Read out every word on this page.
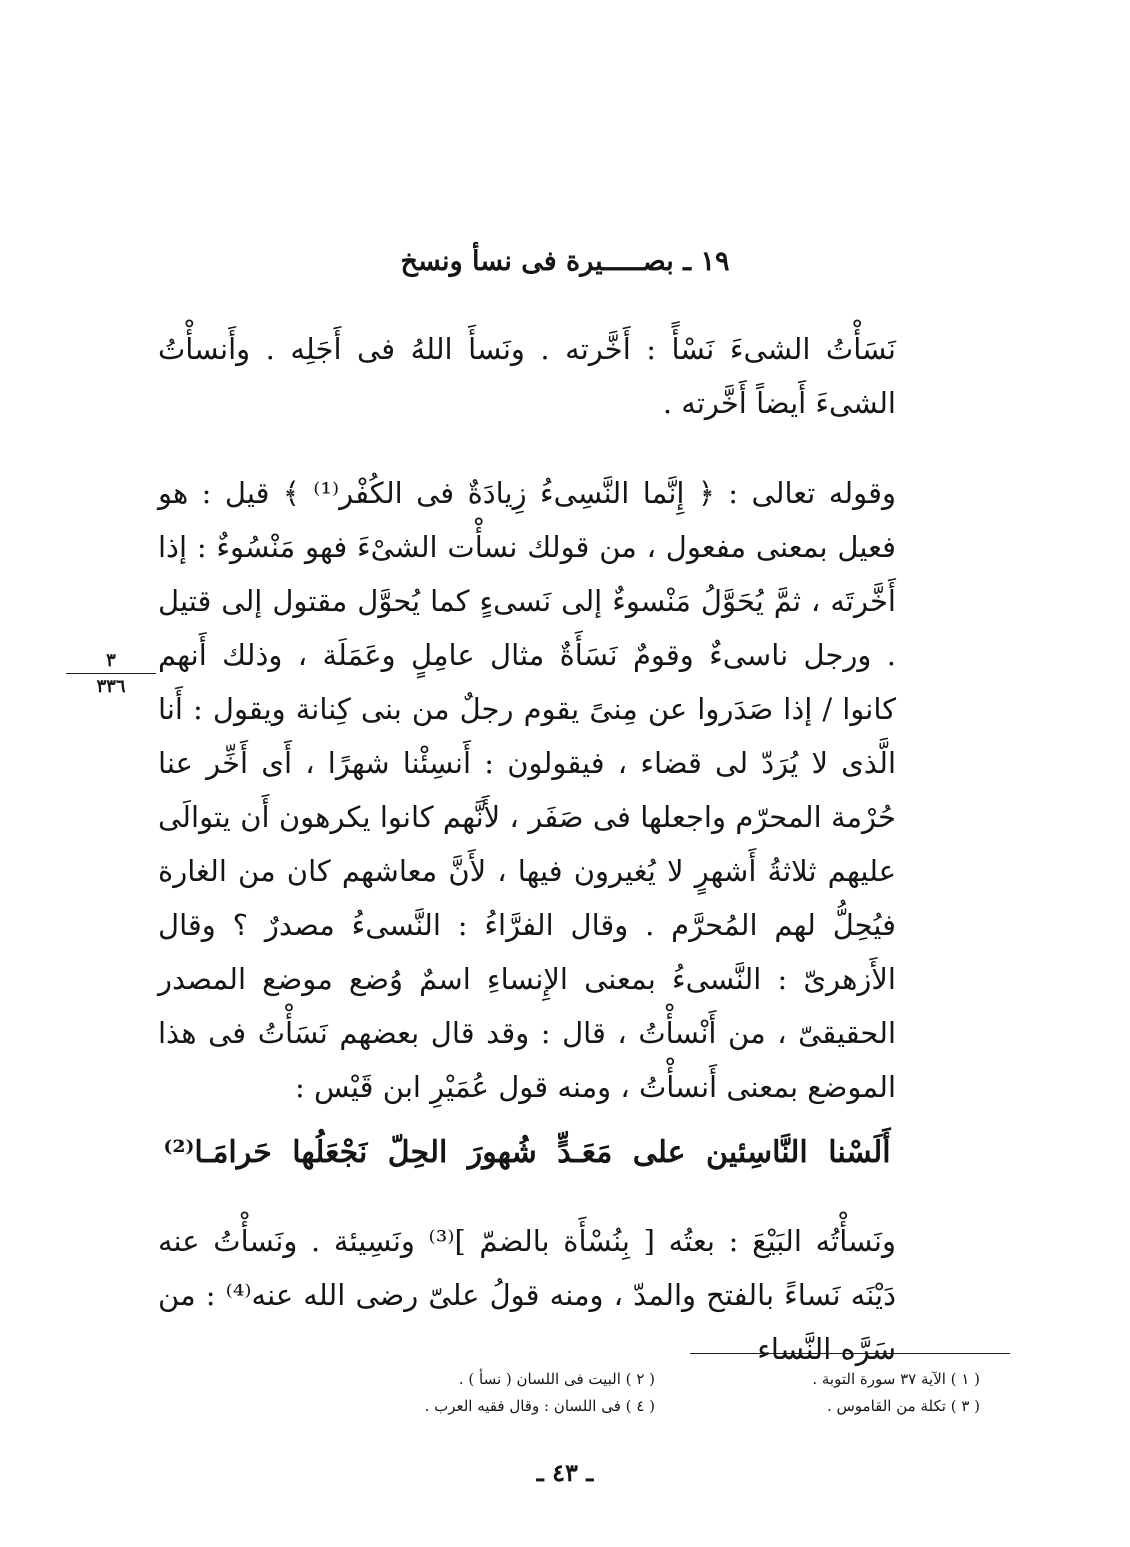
١٩ ـ بصـــــيرة فى نسأ ونسخ
نَسَأْتُ الشىءَ نَسْأً : أَخَّرته . ونَسأَ اللهُ فى أَجَلِه . وأَنسأْتُ الشىءَ أَيضاً أَخَّرته .
وقوله تعالى : ﴿ إِنَّما النَّسِىءُ زِيادَةٌ فى الكُفْر⁽¹⁾ ﴾ قيل : هو فعيل بمعنى مفعول ، من قولك نسأْت الشىْءَ فهو مَنْسُوءٌ : إذا أَخَّرتَه ، ثمَّ يُحَوَّلُ مَنْسوءٌ إلى نَسىءٍ كما يُحوَّل مقتول إلى قتيل . ورجل ناسىءٌ وقومٌ نَسَأَةٌ مثال عامِلٍ وعَمَلَة ، وذلك أَنهم كانوا / إذا صَدَروا عن مِنىً يقوم رجلٌ من بنى كِنانة ويقول : أَنا الَّذى لا يُرَدّ لى قضاء ، فيقولون : أَنسِئْنا شهرًا ، أَى أَخِّر عنا حُرْمة المحرّم واجعلها فى صَفَر ، لأَنَّهم كانوا يكرهون أَن يتوالَى عليهم ثلاثةُ أَشهرٍ لا يُغيرون فيها ، لأَنَّ معاشهم كان من الغارة فيُحِلُّ لهم المُحرَّم . وقال الفرَّاءُ : النَّسىءُ مصدرٌ ؟ وقال الأَزهرىّ : النَّسىءُ بمعنى الإِنساءِ اسمٌ وُضع موضع المصدر الحقيقىّ ، من أَنْسأْتُ ، قال : وقد قال بعضهم نَسَأْتُ فى هذا الموضع بمعنى أَنسأْتُ ، ومنه قول عُمَيْرِ ابن قَيْس :
٣
٣٣٦
أَلَسْنا النَّاسِئين على مَعَـدٍّ شُهورَ الحِلّ نَجْعَلُها حَرامَـا⁽²⁾
ونَسأْتُه البَيْعَ : بعتُه [ بِنُسْأَة بالضمّ ]⁽³⁾ ونَسِيئة . ونَسأْتُ عنه دَيْنَه نَساءً بالفتح والمدّ ، ومنه قولُ علىّ رضى الله عنه⁽⁴⁾ : من سَرَّه النَّساء
( ١ ) الآية ٣٧ سورة التوبة .
( ٢ ) البيت فى اللسان ( نسأ ) .
( ٣ ) تكلة من القاموس .
( ٤ ) فى اللسان : وقال فقيه العرب .
ـ ٤٣ ـ
